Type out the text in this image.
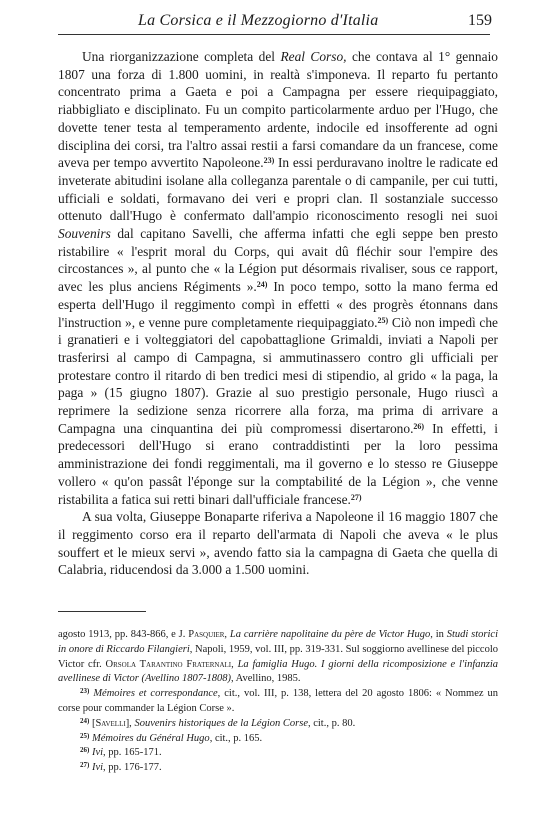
La Corsica e il Mezzogiorno d'Italia	159

Una riorganizzazione completa del Real Corso, che contava al 1° gennaio 1807 una forza di 1.800 uomini, in realtà s'imponeva. Il reparto fu pertanto concentrato prima a Gaeta e poi a Campagna per essere riequipaggiato, riabbigliato e disciplinato. Fu un compito particolarmente arduo per l'Hugo, che dovette tener testa al temperamento ardente, indocile ed insofferente ad ogni disciplina dei corsi, tra l'altro assai restii a farsi comandare da un francese, come aveva per tempo avvertito Napoleone.$^{23)}$ In essi perduravano inoltre le radicate ed inveterate abitudini isolane alla colleganza parentale o di campanile, per cui tutti, ufficiali e soldati, formavano dei veri e propri clan. Il sostanziale successo ottenuto dall'Hugo è confermato dall'ampio riconoscimento resogli nei suoi Souvenirs dal capitano Savelli, che afferma infatti che egli seppe ben presto ristabilire « l'esprit moral du Corps, qui avait dû fléchir sour l'empire des circostances », al punto che « la Légion put désormais rivaliser, sous ce rapport, avec les plus anciens Régiments ».$^{24)}$ In poco tempo, sotto la mano ferma ed esperta dell'Hugo il reggimento compì in effetti « des progrès étonnans dans l'instruction », e venne pure completamente riequipaggiato.$^{25)}$ Ciò non impedì che i granatieri e i volteggiatori del capobattaglione Grimaldi, inviati a Napoli per trasferirsi al campo di Campagna, si ammutinassero contro gli ufficiali per protestare contro il ritardo di ben tredici mesi di stipendio, al grido « la paga, la paga » (15 giugno 1807). Grazie al suo prestigio personale, Hugo riuscì a reprimere la sedizione senza ricorrere alla forza, ma prima di arrivare a Campagna una cinquantina dei più compromessi disertarono.$^{26)}$ In effetti, i predecessori dell'Hugo si erano contraddistinti per la loro pessima amministrazione dei fondi reggimentali, ma il governo e lo stesso re Giuseppe vollero « qu'on passât l'éponge sur la comptabilité de la Légion », che venne ristabilita a fatica sui retti binari dall'ufficiale francese.$^{27)}$

A sua volta, Giuseppe Bonaparte riferiva a Napoleone il 16 maggio 1807 che il reggimento corso era il reparto dell'armata di Napoli che aveva « le plus souffert et le mieux servi », avendo fatto sia la campagna di Gaeta che quella di Calabria, riducendosi da 3.000 a 1.500 uomini.

agosto 1913, pp. 843-866, e J. Pasquier, La carrière napolitaine du père de Victor Hugo, in Studi storici in onore di Riccardo Filangieri, Napoli, 1959, vol. III, pp. 319-331. Sul soggiorno avellinese del piccolo Victor cfr. Orsola Tarantino Fraternali, La famiglia Hugo. I giorni della ricomposizione e l'infanzia avellinese di Victor (Avellino 1807-1808), Avellino, 1985.

$^{23)}$ Mémoires et correspondance, cit., vol. III, p. 138, lettera del 20 agosto 1806: « Nommez un corse pour commander la Légion Corse ».

$^{24)}$ [Savelli], Souvenirs historiques de la Légion Corse, cit., p. 80.

$^{25)}$ Mémoires du Général Hugo, cit., p. 165.

$^{26)}$ Ivi, pp. 165-171.

$^{27)}$ Ivi, pp. 176-177.
